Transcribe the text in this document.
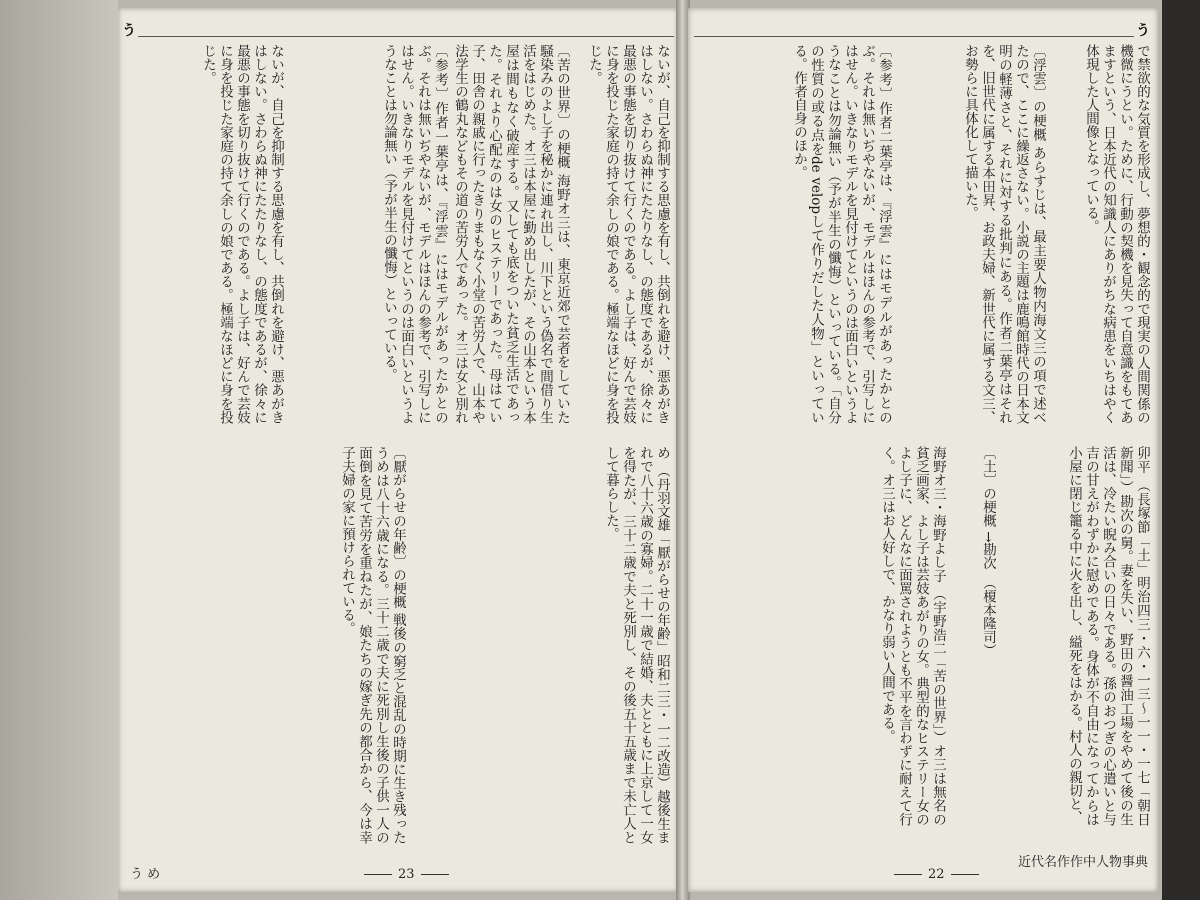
う
ないが、自己を抑制する思慮を有し、共倒れを避け、悪あがきはしない。さわらぬ神にたたりなし、の態度であるが、徐々に最悪の事態を切り抜けて行くのである。よし子は、好んで芸妓に身を投じた家庭の持て余しの娘である。極端なほどに身を投じた。
〔苦の世界〕の梗概 海野オ三は、東京近郊で芸者をしていた騒染みのよし子を秘かに連れ出し、川下という偽名で間借り生活をはじめた。オ三は本屋に勤め出したが、その山本という本屋は間もなく破産する。又しても底をついた貧乏生活であった。それより心配なのは女のヒステリーであった。母はてい子、田舎の親戚に行ったきりまもなく小堂の苦労人で、山本や法学生の鶴丸などもその道の苦労人であった。オ三は女と別れ
〔参考〕作者一葉亭は、『浮雲』にはモデルがあったかとのぶ。それは無いぢやないが、モデルはほんの参考で、引写しにはせん。いきなりモデルを見付けてというのは面白いというようなことは勿論無い（予が半生の懺悔）といっている。
ないが、自己を抑制する思慮を有し、共倒れを避け、悪あがきはしない。さわらぬ神にたたりなし、の態度であるが、徐々に最悪の事態を切り抜けて行くのである。よし子は、好んで芸妓に身を投じた家庭の持て余しの娘である。極端なほどに身を投じた。
め （丹羽文雄「厭がらせの年齢」昭和二三・一二改造）越後生まれで八十六歳の寡婦。二十一歳で結婚、夫とともに上京して一女を得たが、三十二歳で夫と死別し、その後五十五歳まで未亡人として暮らした。
〔厭がらせの年齢〕の梗概 戦後の窮乏と混乱の時期に生き残ったうめは八十六歳になる。三十二歳で夫に死別し生後の子供一人の面倒を見て苦労を重ねたが、娘たちの嫁ぎ先の都合から、今は幸子夫婦の家に預けられている。
う め	23
う
で禁欲的な気質を形成し、夢想的・観念的で現実の人間関係の機微にうとい。ために、行動の契機を見失って自意識をもてあますという、日本近代の知識人にありがちな病患をいちはやく体現した人間像となっている。
〔浮雲〕の梗概 あらすじは、最主要人物内海文三の項で述べたので、ここに繰返さない。小説の主題は鹿鳴館時代の日本文明の軽薄さと、それに対する批判にある。作者二葉亭はそれを、旧世代に属する本田昇、お政夫婦、新世代に属する文三、お勢らに具体化して描いた。
〔参考〕作者二葉亭は、『浮雲』にはモデルがあったかとのぶ。それは無いぢやないが、モデルはほんの参考で、引写しにはせん。いきなりモデルを見付けてというのは面白いというようなことは勿論無い（予が半生の懺悔）といっている。「自分の性質の或る点をde velopして作りだした人物」といっている。作者自身のほか。
卯平 （長塚節「土」明治四三・六・一三～一一・一七「朝日新聞」）勘次の舅。妻を失い、野田の醤油工場をやめて後の生活は、冷たい睨み合いの日々である。孫のおつぎの心遣いと与吉の甘えがわずかに慰めである。身体が不自由になってからは小屋に閉じ籠る中に火を出し、縊死をはかる。村人の親切と、
〔土〕の梗概 →勘次　（榎本隆司）
海野オ三・海野よし子 （宇野浩二「苦の世界」）オ三は無名の貧乏画家、よし子は芸妓あがりの女。典型的なヒステリー女のよし子に、どんなに面罵されようとも不平を言わずに耐えて行く。オ三はお人好しで、かなり弱い人間である。
22
近代名作作中人物事典
